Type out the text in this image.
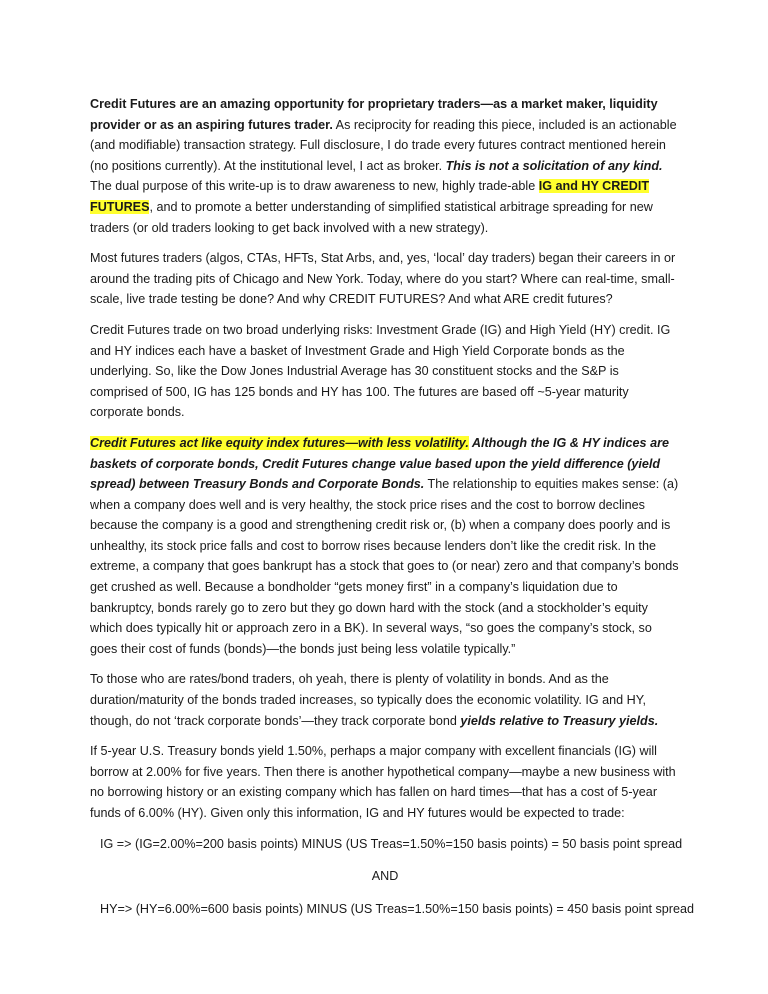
Credit Futures are an amazing opportunity for proprietary traders—as a market maker, liquidity provider or as an aspiring futures trader. As reciprocity for reading this piece, included is an actionable (and modifiable) transaction strategy. Full disclosure, I do trade every futures contract mentioned herein (no positions currently). At the institutional level, I act as broker. This is not a solicitation of any kind. The dual purpose of this write-up is to draw awareness to new, highly trade-able IG and HY CREDIT FUTURES, and to promote a better understanding of simplified statistical arbitrage spreading for new traders (or old traders looking to get back involved with a new strategy).

Most futures traders (algos, CTAs, HFTs, Stat Arbs, and, yes, ‘local’ day traders) began their careers in or around the trading pits of Chicago and New York. Today, where do you start? Where can real-time, small-scale, live trade testing be done? And why CREDIT FUTURES? And what ARE credit futures?

Credit Futures trade on two broad underlying risks: Investment Grade (IG) and High Yield (HY) credit. IG and HY indices each have a basket of Investment Grade and High Yield Corporate bonds as the underlying. So, like the Dow Jones Industrial Average has 30 constituent stocks and the S&P is comprised of 500, IG has 125 bonds and HY has 100. The futures are based off ~5-year maturity corporate bonds.

Credit Futures act like equity index futures—with less volatility. Although the IG & HY indices are baskets of corporate bonds, Credit Futures change value based upon the yield difference (yield spread) between Treasury Bonds and Corporate Bonds. The relationship to equities makes sense: (a) when a company does well and is very healthy, the stock price rises and the cost to borrow declines because the company is a good and strengthening credit risk or, (b) when a company does poorly and is unhealthy, its stock price falls and cost to borrow rises because lenders don’t like the credit risk. In the extreme, a company that goes bankrupt has a stock that goes to (or near) zero and that company’s bonds get crushed as well. Because a bondholder “gets money first” in a company’s liquidation due to bankruptcy, bonds rarely go to zero but they go down hard with the stock (and a stockholder’s equity which does typically hit or approach zero in a BK). In several ways, “so goes the company’s stock, so goes their cost of funds (bonds)—the bonds just being less volatile typically.”

To those who are rates/bond traders, oh yeah, there is plenty of volatility in bonds. And as the duration/maturity of the bonds traded increases, so typically does the economic volatility. IG and HY, though, do not ‘track corporate bonds’—they track corporate bond yields relative to Treasury yields.

If 5-year U.S. Treasury bonds yield 1.50%, perhaps a major company with excellent financials (IG) will borrow at 2.00% for five years. Then there is another hypothetical company—maybe a new business with no borrowing history or an existing company which has fallen on hard times—that has a cost of 5-year funds of 6.00% (HY). Given only this information, IG and HY futures would be expected to trade:

IG => (IG=2.00%=200 basis points) MINUS (US Treas=1.50%=150 basis points) = 50 basis point spread

AND

HY=> (HY=6.00%=600 basis points) MINUS (US Treas=1.50%=150 basis points) = 450 basis point spread
